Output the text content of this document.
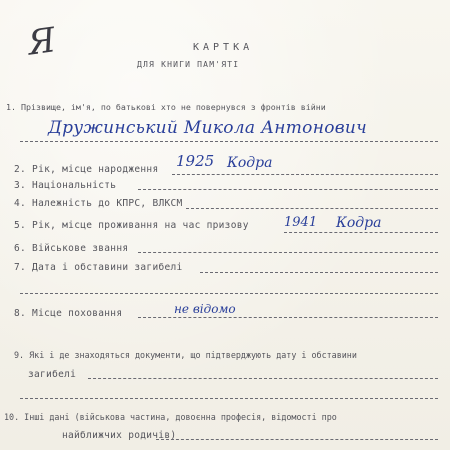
Я	КАРТКА
ДЛЯ КНИГИ ПАМ'ЯТІ
1. Прізвище, ім'я, по батькові хто не повернувся з фронтів війни
Дружинський Микола Антонович
2. Рік, місце народження 1925 Кодра
3. Національність
4. Належність до КПРС, ВЛКСМ
5. Рік, місце проживання на час призову	1941 Кодра
6. Військове звання
7. Дата і обставини загибелі
8. Місце поховання	не відомо
9. Які і де знаходяться документи, що підтверджують дату і обставини
загибелі
10. Інші дані (військова частина, довоєнна професія, відомості про
найближчих родичів)
